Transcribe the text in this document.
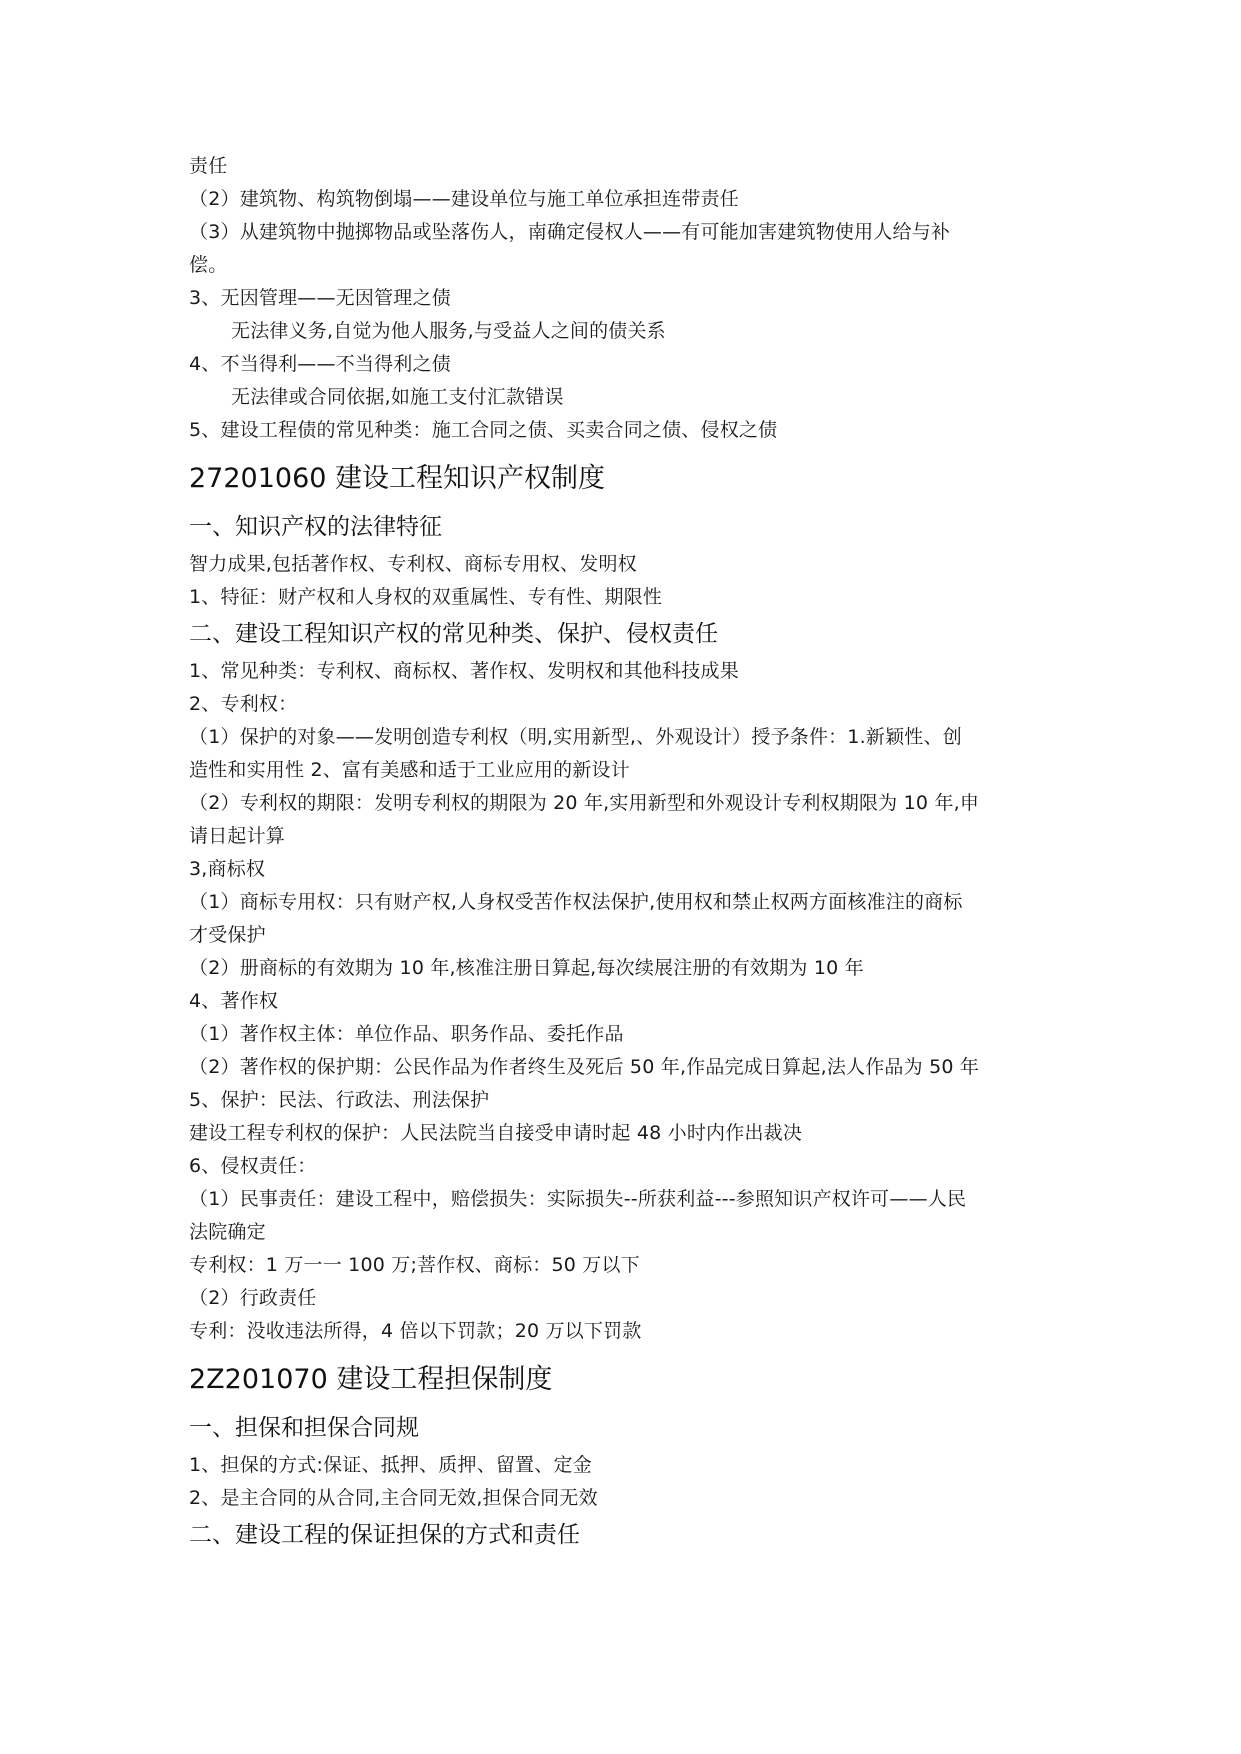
责任
（2）建筑物、构筑物倒塌——建设单位与施工单位承担连带责任
（3）从建筑物中抛掷物品或坠落伤人，南确定侵权人——有可能加害建筑物使用人给与补
偿。
3、无因管理——无因管理之债
无法律义务,自觉为他人服务,与受益人之间的债关系
4、不当得利——不当得利之债
无法律或合同依据,如施工支付汇款错误
5、建设工程债的常见种类：施工合同之债、买卖合同之债、侵权之债
27201060 建设工程知识产权制度
一、知识产权的法律特征
智力成果,包括著作权、专利权、商标专用权、发明权
1、特征：财产权和人身权的双重属性、专有性、期限性
二、建设工程知识产权的常见种类、保护、侵权责任
1、常见种类：专利权、商标权、著作权、发明权和其他科技成果
2、专利权：
（1）保护的对象——发明创造专利权（明,实用新型,、外观设计）授予条件：1.新颖性、创
造性和实用性 2、富有美感和适于工业应用的新设计
（2）专利权的期限：发明专利权的期限为 20 年,实用新型和外观设计专利权期限为 10 年,申
请日起计算
3,商标权
（1）商标专用权：只有财产权,人身权受苦作权法保护,使用权和禁止权两方面核准注的商标
才受保护
（2）册商标的有效期为 10 年,核准注册日算起,每次续展注册的有效期为 10 年
4、著作权
（1）著作权主体：单位作品、职务作品、委托作品
（2）著作权的保护期：公民作品为作者终生及死后 50 年,作品完成日算起,法人作品为 50 年
5、保护：民法、行政法、刑法保护
建设工程专利权的保护：人民法院当自接受申请时起 48 小时内作出裁决
6、侵权责任：
（1）民事责任：建设工程中，赔偿损失：实际损失--所获利益---参照知识产权许可——人民
法院确定
专利权：1 万一一 100 万;菩作权、商标：50 万以下
（2）行政责任
专利：没收违法所得，4 倍以下罚款；20 万以下罚款
2Z201070 建设工程担保制度
一、担保和担保合同规
1、担保的方式:保证、抵押、质押、留置、定金
2、是主合同的从合同,主合同无效,担保合同无效
二、建设工程的保证担保的方式和责任
